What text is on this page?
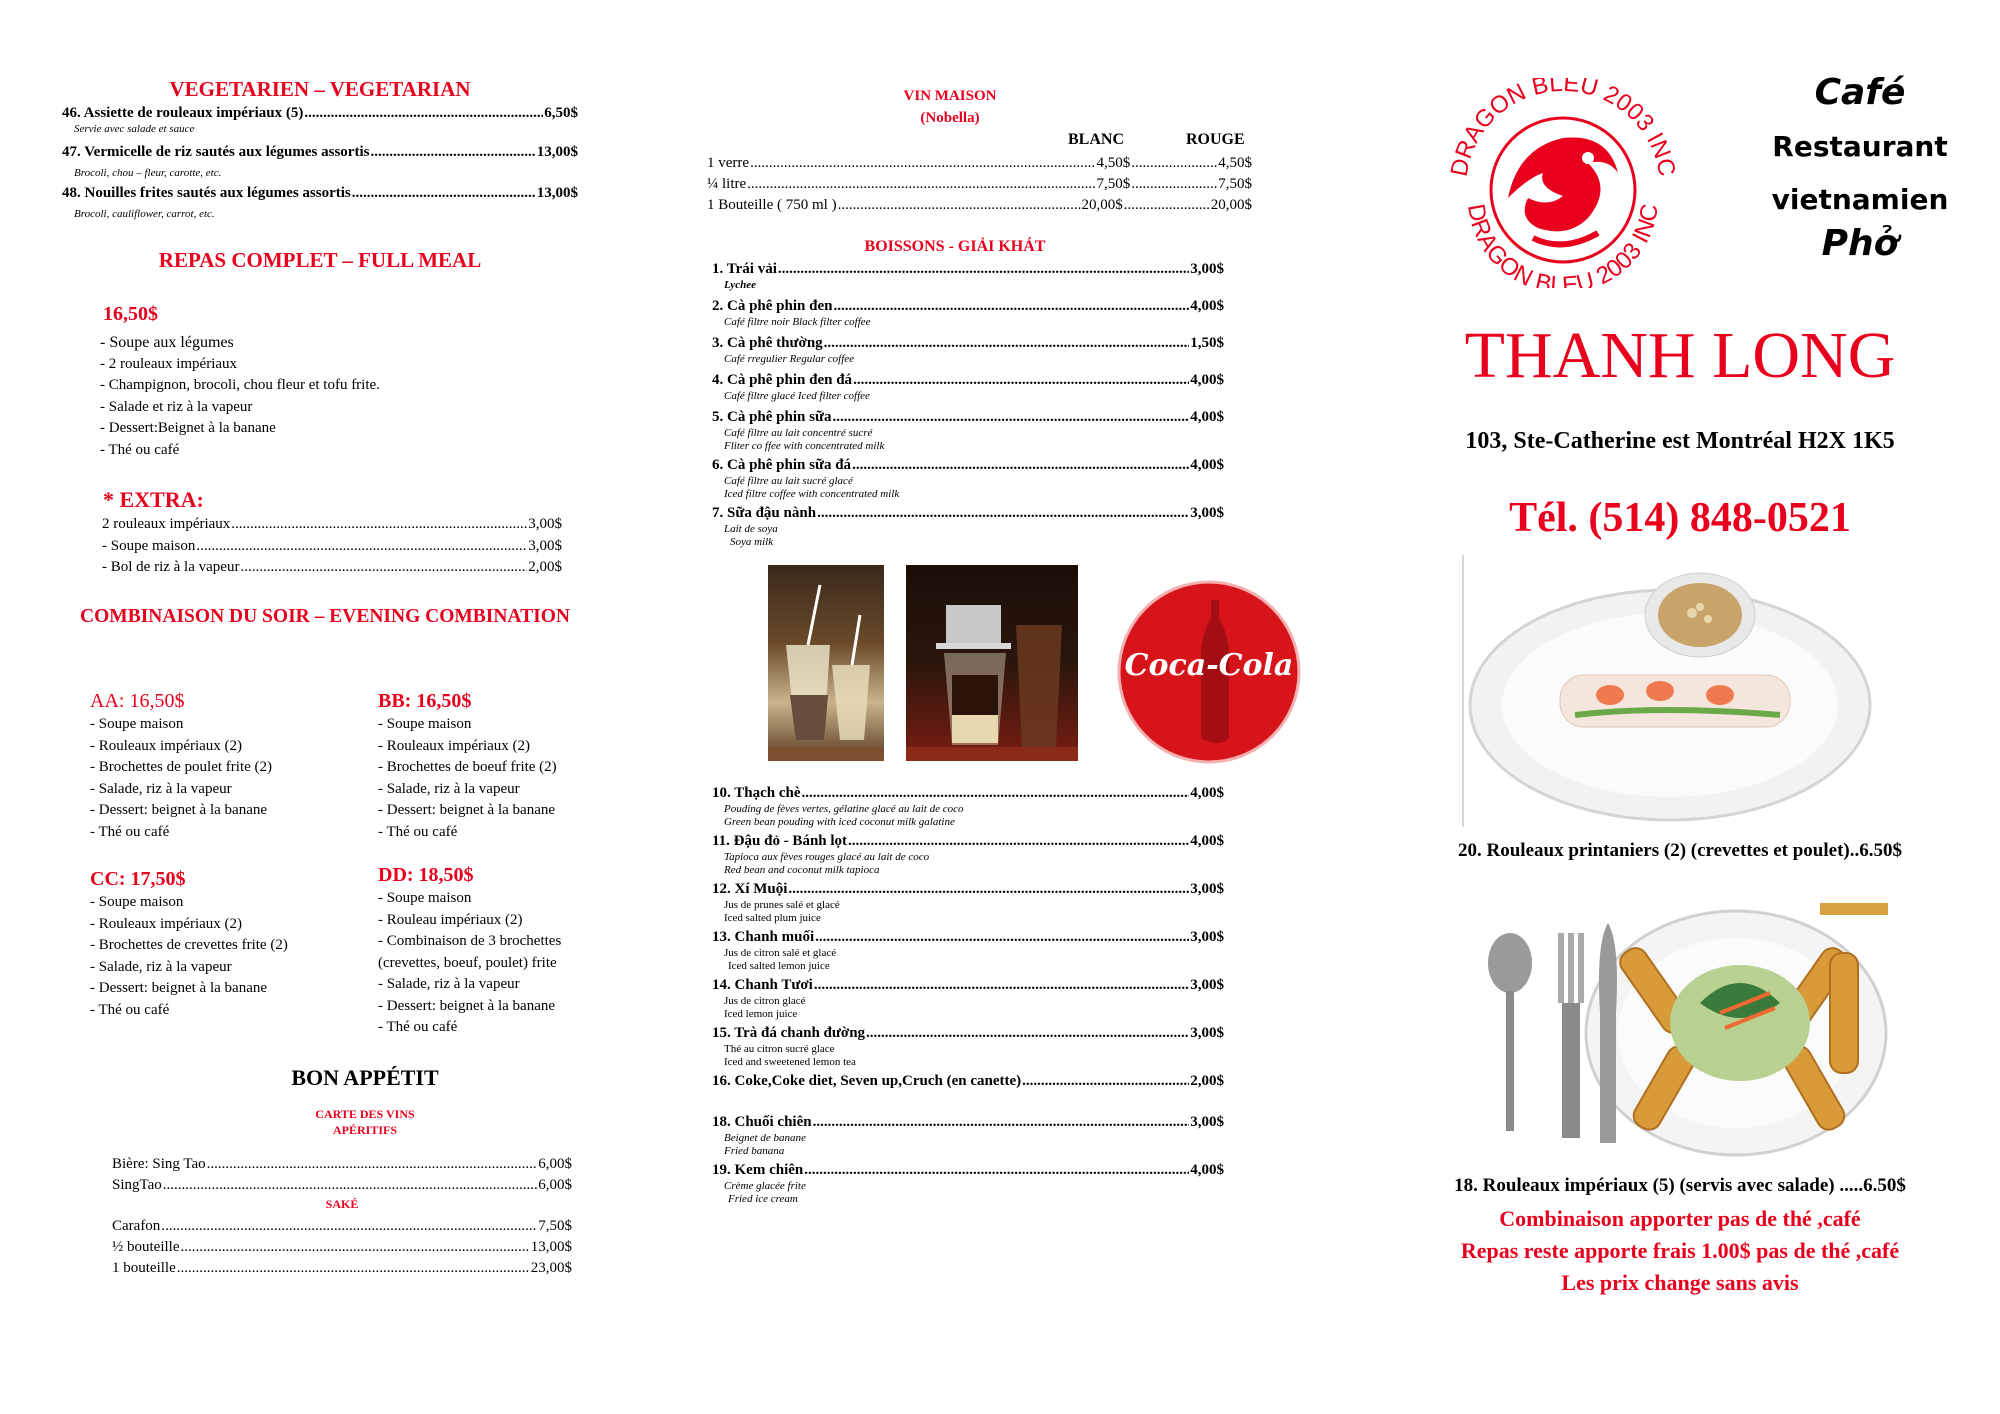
VEGETARIEN – VEGETARIAN
46. Assiette de rouleaux impériaux (5) .....	6,50$
Servie avec salade et sauce
47. Vermicelle de riz sautés aux légumes assortis .....	13,00$
Brocoli, chou – fleur, carotte, etc.
48. Nouilles frites sautés aux légumes assortis .....	13,00$
Brocoli, cauliflower, carrot, etc.
REPAS COMPLET – FULL MEAL
16,50$
- Soupe aux légumes
- 2 rouleaux impériaux
- Champignon, brocoli, chou fleur et tofu frite.
- Salade et riz à la vapeur
- Dessert:Beignet à la banane
- Thé ou café
* EXTRA:
2 rouleaux impériaux .....	3,00$
- Soupe maison .....	3,00$
- Bol de riz à la vapeur .....	2,00$
COMBINAISON DU SOIR – EVENING COMBINATION
AA: 16,50$
- Soupe maison
- Rouleaux impériaux (2)
- Brochettes de poulet frite (2)
- Salade, riz à la vapeur
- Dessert: beignet à la banane
- Thé ou café
BB: 16,50$
- Soupe maison
- Rouleaux impériaux (2)
- Brochettes de boeuf frite (2)
- Salade, riz à la vapeur
- Dessert: beignet à la banane
- Thé ou café
CC: 17,50$
- Soupe maison
- Rouleaux impériaux (2)
- Brochettes de crevettes frite (2)
- Salade, riz à la vapeur
- Dessert: beignet à la banane
- Thé ou café
DD: 18,50$
- Soupe maison
- Rouleau impériaux (2)
- Combinaison de 3 brochettes
(crevettes, boeuf, poulet) frite
- Salade, riz à la vapeur
- Dessert: beignet à la banane
- Thé ou café
BON APPÉTIT
CARTE DES VINS
APÉRITIFS
Bière: Sing Tao .....	6,00$
SingTao .....	6,00$
SAKÉ
Carafon .....	7,50$
½ bouteille .....	13,00$
1 bouteille .....	23,00$
VIN MAISON
(Nobella)
BLANC	ROUGE
1 verre .....	4,50$ .....	4,50$
¼ litre .....	7,50$ .....	7,50$
1 Bouteille ( 750 ml ) .....	20,00$ .....	20,00$
BOISSONS - GIẢI KHÁT
1. Trái vải .....	3,00$
Lychee
2. Cà phê phin đen .....	4,00$
Café filtre noir Black filter coffee
3. Cà phê thường .....	1,50$
Café rregulier Regular coffee
4. Cà phê phin đen đá .....	4,00$
Café filtre glacé Iced filter coffee
5. Cà phê phin sữa .....	4,00$
Café filtre au lait concentré sucré
Fliter co ffee with concentrated milk
6. Cà phê phin sữa đá .....	4,00$
Café filtre au lait sucré glacé
Iced filtre coffee with concentrated milk
7. Sữa đậu nành .....	3,00$
Lait de soya
Soya milk
Coca-Cola
10. Thạch chè .....	4,00$
Pouding de fèves vertes, gélatine glacé au lait de coco
Green bean pouding with iced coconut milk galatine
11. Đậu đỏ - Bánh lọt .....	4,00$
Tapioca aux fèves rouges glacé au lait de coco
Red bean and coconut milk tapioca
12. Xí Muội .....	3,00$
Jus de prunes salé et glacé
Iced salted plum juice
13. Chanh muối .....	3,00$
Jus de citron salé et glacé
Iced salted lemon juice
14. Chanh Tươi .....	3,00$
Jus de citron glacé
Iced lemon juice
15. Trà đá chanh đường .....	3,00$
Thé au citron sucré glace
Iced and sweetened lemon tea
16. Coke,Coke diet, Seven up,Cruch (en canette) .....	2,00$
18. Chuối chiên .....	3,00$
Beignet de banane
Fried banana
19. Kem chiên .....	4,00$
Crème glacée frite
Fried ice cream
DRAGON BLEU 2003 INC
DRAGON BLEU 2003 INC
Café
Restaurant
vietnamien
Phở
THANH LONG
103, Ste-Catherine est Montréal H2X 1K5
Tél. (514) 848-0521
20. Rouleaux printaniers (2) (crevettes et poulet)..6.50$
18. Rouleaux impériaux (5) (servis avec salade) .....6.50$
Combinaison apporter pas de thé ,café
Repas reste apporte frais 1.00$ pas de thé ,café
Les prix change sans avis
